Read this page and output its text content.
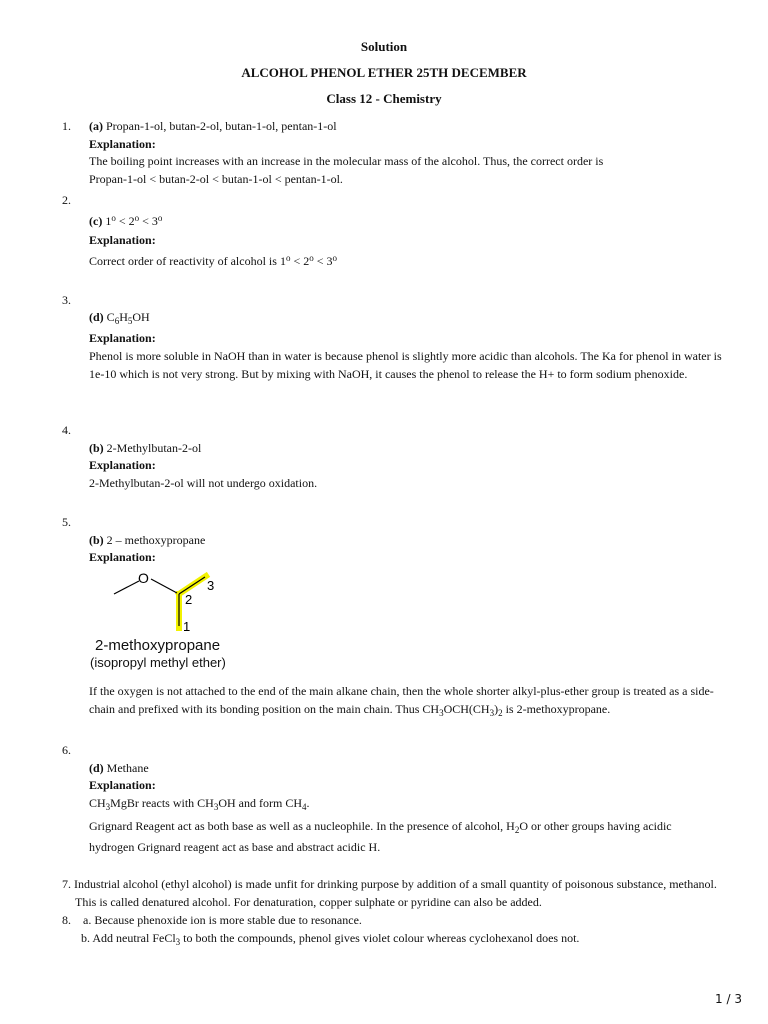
Solution
ALCOHOL PHENOL ETHER 25TH DECEMBER
Class 12 - Chemistry
1. (a) Propan-1-ol, butan-2-ol, butan-1-ol, pentan-1-ol
Explanation:
The boiling point increases with an increase in the molecular mass of the alcohol. Thus, the correct order is
Propan-1-ol < butan-2-ol < butan-1-ol < pentan-1-ol.
2.
(c) $1^o < 2^o < 3^o$
Explanation:
Correct order of reactivity of alcohol is $1^o < 2^o < 3^o$
3.
(d) $C_6H_5OH$
Explanation:
Phenol is more soluble in NaOH than in water is because phenol is slightly more acidic than alcohols. The Ka for phenol in water is 1e-10 which is not very strong. But by mixing with NaOH, it causes the phenol to release the H+ to form sodium phenoxide.
4.
(b) 2-Methylbutan-2-ol
Explanation:
2-Methylbutan-2-ol will not undergo oxidation.
5.
(b) 2 – methoxypropane
Explanation:
O
1
2
3
2-methoxypropane
(isopropyl methyl ether)
If the oxygen is not attached to the end of the main alkane chain, then the whole shorter alkyl-plus-ether group is treated as a side-chain and prefixed with its bonding position on the main chain. Thus $CH_3OCH(CH_3)_2$ is 2-methoxypropane.
6.
(d) Methane
Explanation:
$CH_3MgBr$ reacts with $CH_3OH$ and form $CH_4$.
Grignard Reagent act as both base as well as a nucleophile. In the presence of alcohol, $H_2O$ or other groups having acidic hydrogen Grignard reagent act as base and abstract acidic H.
7. Industrial alcohol (ethyl alcohol) is made unfit for drinking purpose by addition of a small quantity of poisonous substance, methanol. This is called denatured alcohol. For denaturation, copper sulphate or pyridine can also be added.
8. a. Because phenoxide ion is more stable due to resonance.
b. Add neutral FeCl$_3$ to both the compounds, phenol gives violet colour whereas cyclohexanol does not.
1 / 3
